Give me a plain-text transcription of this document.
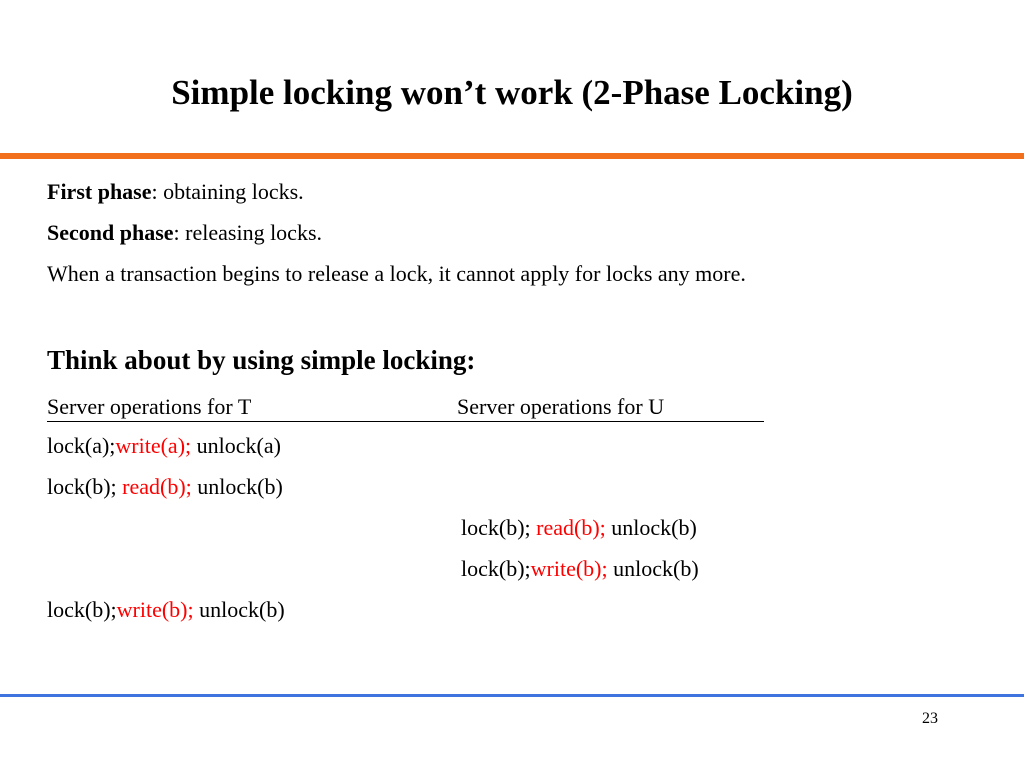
Simple locking won’t work (2-Phase Locking)
First phase: obtaining locks.
Second phase: releasing locks.
When a transaction begins to release a lock, it cannot apply for locks any more.
Think about by using simple locking:
Server operations for T	Server operations for U
lock(a);write(a); unlock(a)
lock(b); read(b); unlock(b)
lock(b); read(b); unlock(b)
lock(b);write(b); unlock(b)
lock(b);write(b); unlock(b)
23
